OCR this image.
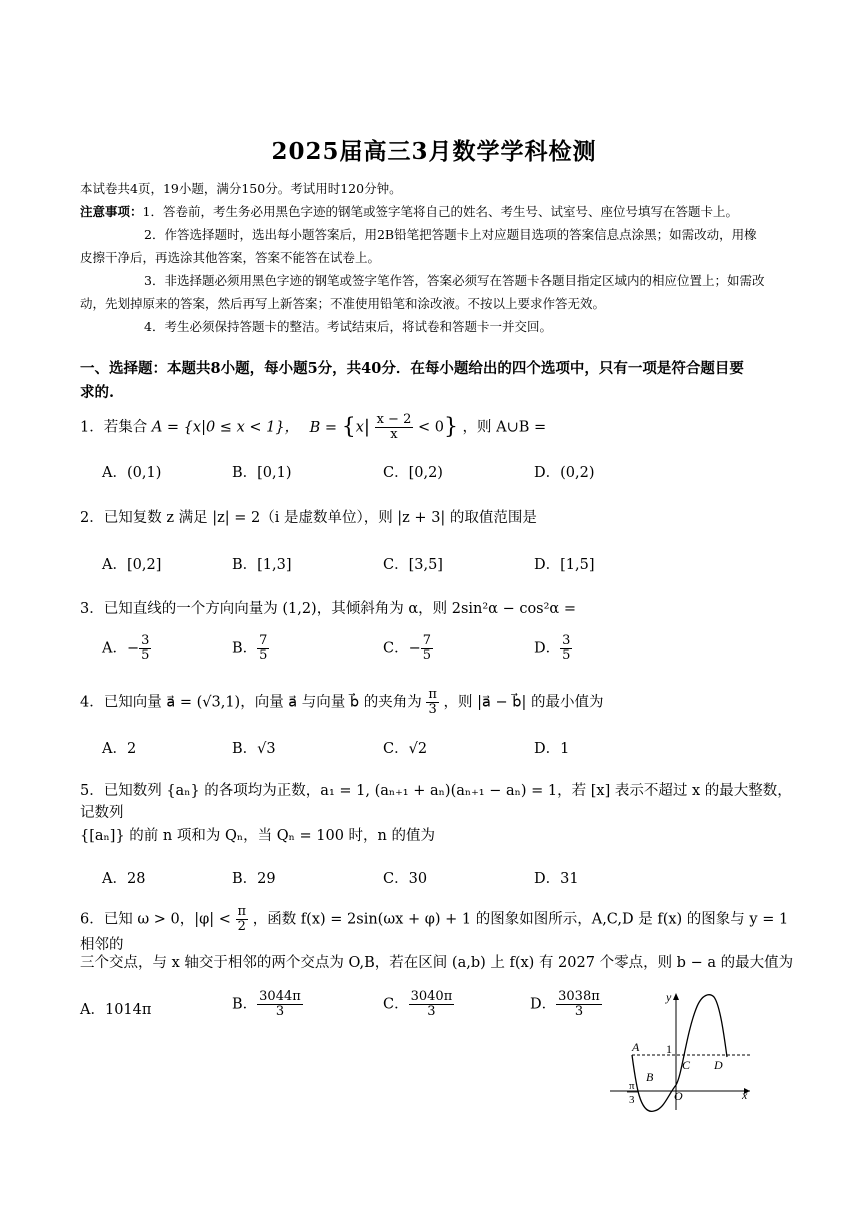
2025届高三3月数学学科检测
本试卷共4页，19小题，满分150分。考试用时120分钟。
注意事项：1．答卷前，考生务必用黑色字迹的钢笔或签字笔将自己的姓名、考生号、试室号、座位号填写在答题卡上。
2．作答选择题时，选出每小题答案后，用2B铅笔把答题卡上对应题目选项的答案信息点涂黑；如需改动，用橡
皮擦干净后，再选涂其他答案，答案不能答在试卷上。
3．非选择题必须用黑色字迹的钢笔或签字笔作答，答案必须写在答题卡各题目指定区域内的相应位置上；如需改
动，先划掉原来的答案，然后再写上新答案；不准使用铅笔和涂改液。不按以上要求作答无效。
4．考生必须保持答题卡的整洁。考试结束后，将试卷和答题卡一并交回。
一、选择题：本题共8小题，每小题5分，共40分．在每小题给出的四个选项中，只有一项是符合题目要
求的.
1．若集合 A = {x|0 ≤ x < 1}， $B = \{x| \frac{x - 2}{x} < 0\}$ ，则 A∪B =
A．(0,1)	B．[0,1)	C．[0,2)	D．(0,2)
2．已知复数 z 满足 |z| = 2（i 是虚数单位），则 |z + 3| 的取值范围是
A．[0,2]	B．[1,3]	C．[3,5]	D．[1,5]
3．已知直线的一个方向向量为 (1,2)，其倾斜角为 α，则 2sin²α − cos²α =
A．− $\frac{3}{5}$	B． $\frac{7}{5}$	C．− $\frac{7}{5}$	D． $\frac{3}{5}$
4．已知向量 a⃗ = (√3,1)，向量 a⃗ 与向量 b⃗ 的夹角为 $\frac{\pi}{3}$ ，则 |a⃗ − b⃗| 的最小值为
A．2	B．√3	C．√2	D．1
5．已知数列 {aₙ} 的各项均为正数，a₁ = 1, (aₙ₊₁ + aₙ)(aₙ₊₁ − aₙ) = 1，若 [x] 表示不超过 x 的最大整数，记数列
{[aₙ]} 的前 n 项和为 Qₙ，当 Qₙ = 100 时，n 的值为
A．28	B．29	C．30	D．31
6．已知 ω > 0，$|\varphi| < \frac{\pi}{2}$ ，函数 f(x) = 2sin(ωx + φ) + 1 的图象如图所示，A,C,D 是 f(x) 的图象与 y = 1 相邻的
三个交点，与 x 轴交于相邻的两个交点为 O,B，若在区间 (a,b) 上 f(x) 有 2027 个零点，则 b − a 的最大值为
A．1014π	B． $\frac{3044\pi}{3}$	C． $\frac{3040\pi}{3}$	D． $\frac{3038\pi}{3}$	y
x
1
A
B
C D
O
− π
3
